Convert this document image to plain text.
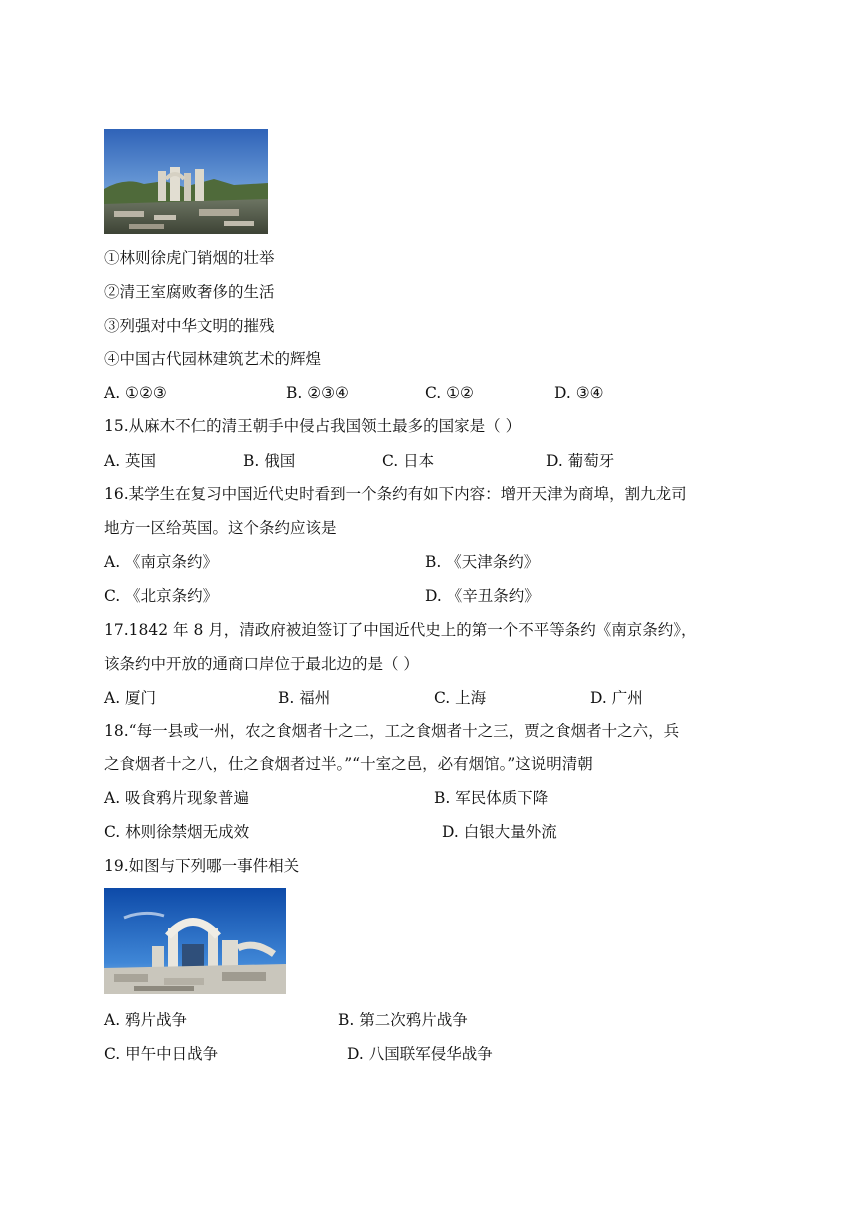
①林则徐虎门销烟的壮举
②清王室腐败奢侈的生活
③列强对中华文明的摧残
④中国古代园林建筑艺术的辉煌
A. ①②③	B. ②③④	C. ①②	D. ③④
15.从麻木不仁的清王朝手中侵占我国领土最多的国家是（ ）
A. 英国	B. 俄国	C. 日本	D. 葡萄牙
16.某学生在复习中国近代史时看到一个条约有如下内容：增开天津为商埠，割九龙司
地方一区给英国。这个条约应该是
A. 《南京条约》	B. 《天津条约》
C. 《北京条约》	D. 《辛丑条约》
17.1842 年 8 月，清政府被迫签订了中国近代史上的第一个不平等条约《南京条约》，
该条约中开放的通商口岸位于最北边的是（ ）
A. 厦门	B. 福州	C. 上海	D. 广州
18.“每一县或一州，农之食烟者十之二，工之食烟者十之三，贾之食烟者十之六，兵
之食烟者十之八，仕之食烟者过半。”“十室之邑，必有烟馆。”这说明清朝
A. 吸食鸦片现象普遍	B. 军民体质下降
C. 林则徐禁烟无成效	D. 白银大量外流
19.如图与下列哪一事件相关
A. 鸦片战争	B. 第二次鸦片战争
C. 甲午中日战争	D. 八国联军侵华战争
